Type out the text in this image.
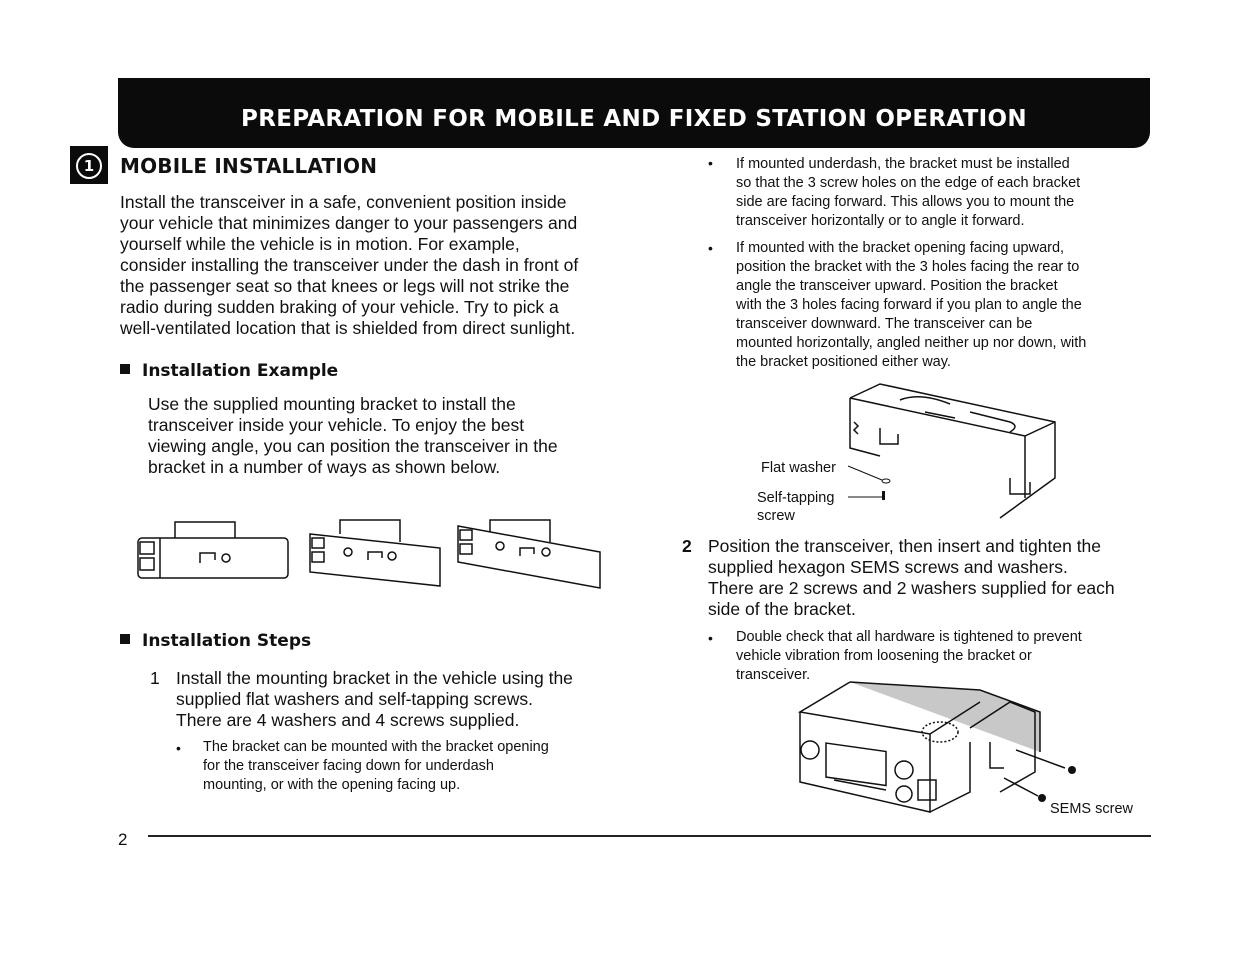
PREPARATION FOR MOBILE AND FIXED STATION OPERATION
1	MOBILE INSTALLATION
Install the transceiver in a safe, convenient position inside
your vehicle that minimizes danger to your passengers and
yourself while the vehicle is in motion. For example,
consider installing the transceiver under the dash in front of
the passenger seat so that knees or legs will not strike the
radio during sudden braking of your vehicle. Try to pick a
well-ventilated location that is shielded from direct sunlight.
Installation Example
Use the supplied mounting bracket to install the
transceiver inside your vehicle. To enjoy the best
viewing angle, you can position the transceiver in the
bracket in a number of ways as shown below.
Installation Steps
1 Install the mounting bracket in the vehicle using the
supplied flat washers and self-tapping screws.
There are 4 washers and 4 screws supplied.
• The bracket can be mounted with the bracket opening
for the transceiver facing down for underdash
mounting, or with the opening facing up.
• If mounted underdash, the bracket must be installed
so that the 3 screw holes on the edge of each bracket
side are facing forward. This allows you to mount the
transceiver horizontally or to angle it forward.
• If mounted with the bracket opening facing upward,
position the bracket with the 3 holes facing the rear to
angle the transceiver upward. Position the bracket
with the 3 holes facing forward if you plan to angle the
transceiver downward. The transceiver can be
mounted horizontally, angled neither up nor down, with
the bracket positioned either way.
Flat washer
Self-tapping
screw
2 Position the transceiver, then insert and tighten the
supplied hexagon SEMS screws and washers.
There are 2 screws and 2 washers supplied for each
side of the bracket.
• Double check that all hardware is tightened to prevent
vehicle vibration from loosening the bracket or
transceiver.
SEMS screw
2
